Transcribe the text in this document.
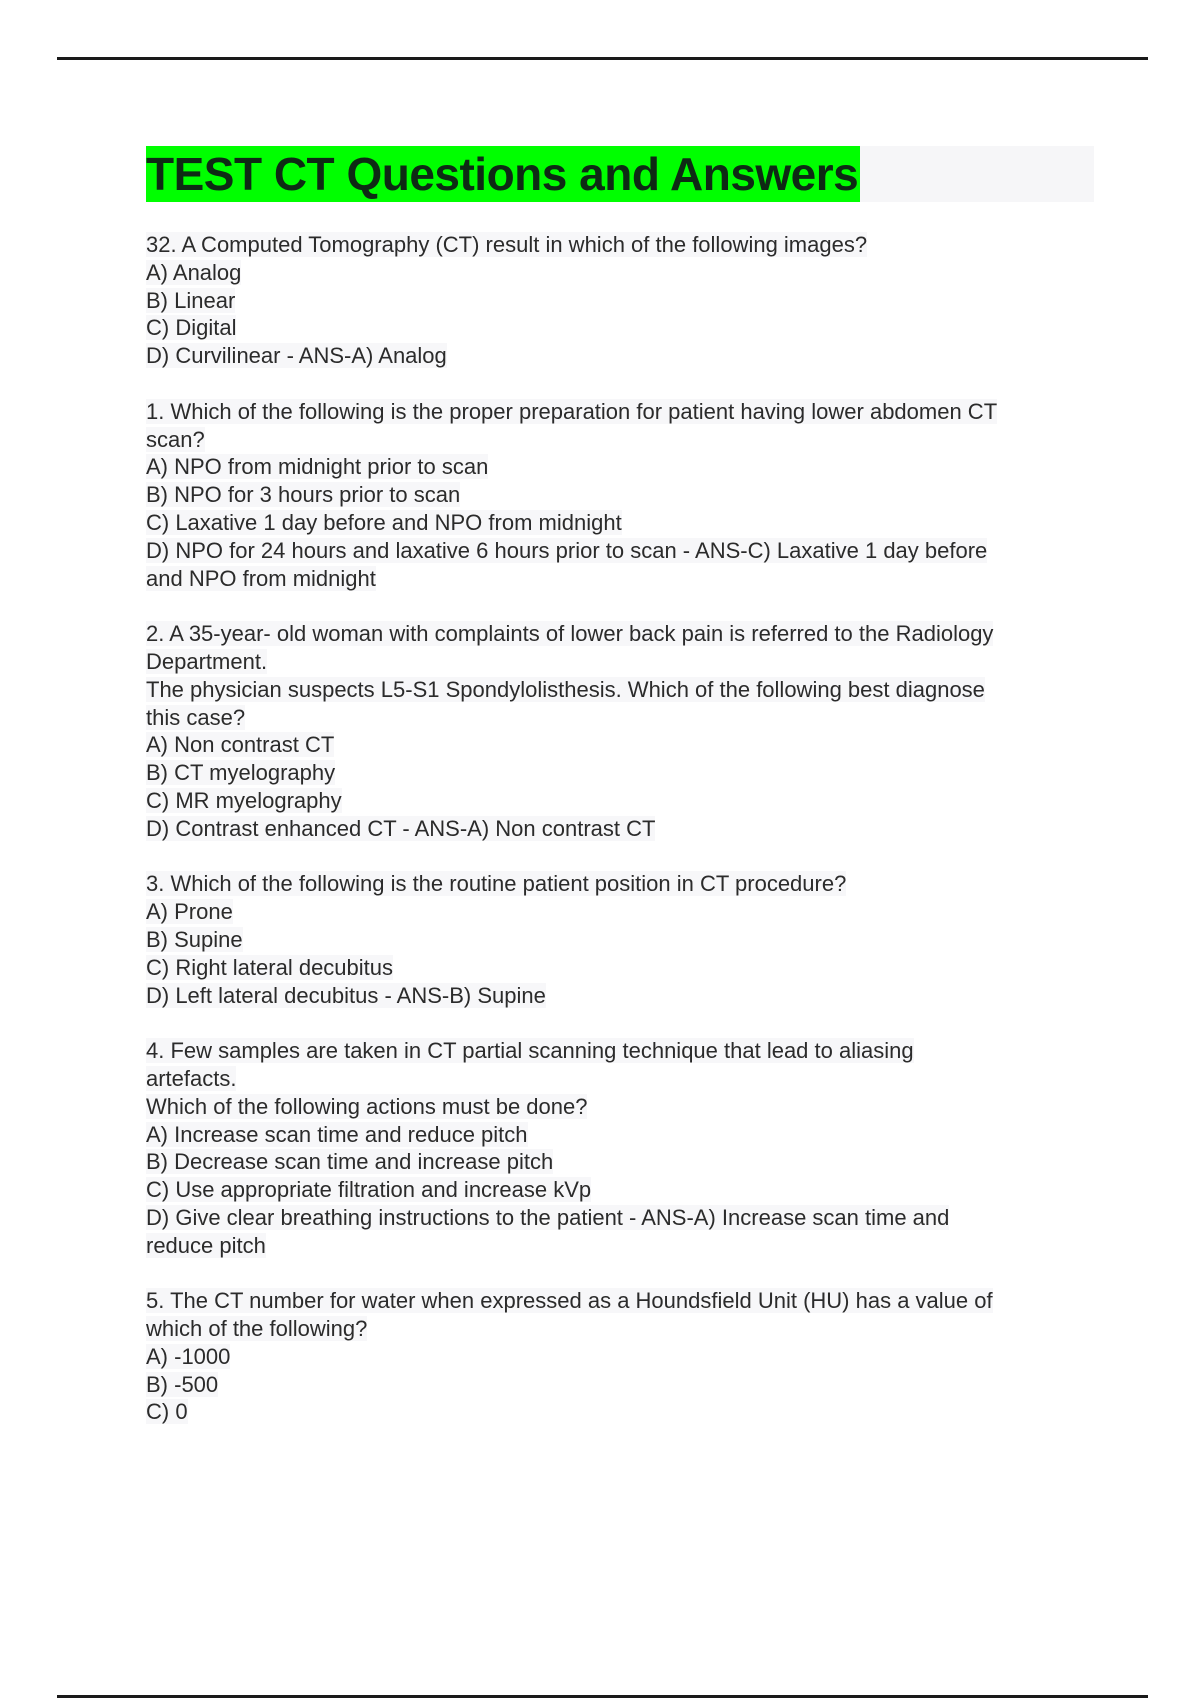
TEST CT Questions and Answers
32. A Computed Tomography (CT) result in which of the following images?
A) Analog
B) Linear
C) Digital
D) Curvilinear - ANS-A) Analog
1. Which of the following is the proper preparation for patient having lower abdomen CT
scan?
A) NPO from midnight prior to scan
B) NPO for 3 hours prior to scan
C) Laxative 1 day before and NPO from midnight
D) NPO for 24 hours and laxative 6 hours prior to scan - ANS-C) Laxative 1 day before
and NPO from midnight
2. A 35-year- old woman with complaints of lower back pain is referred to the Radiology
Department.
The physician suspects L5-S1 Spondylolisthesis. Which of the following best diagnose
this case?
A) Non contrast CT
B) CT myelography
C) MR myelography
D) Contrast enhanced CT - ANS-A) Non contrast CT
3. Which of the following is the routine patient position in CT procedure?
A) Prone
B) Supine
C) Right lateral decubitus
D) Left lateral decubitus - ANS-B) Supine
4. Few samples are taken in CT partial scanning technique that lead to aliasing
artefacts.
Which of the following actions must be done?
A) Increase scan time and reduce pitch
B) Decrease scan time and increase pitch
C) Use appropriate filtration and increase kVp
D) Give clear breathing instructions to the patient - ANS-A) Increase scan time and
reduce pitch
5. The CT number for water when expressed as a Houndsfield Unit (HU) has a value of
which of the following?
A) -1000
B) -500
C) 0
